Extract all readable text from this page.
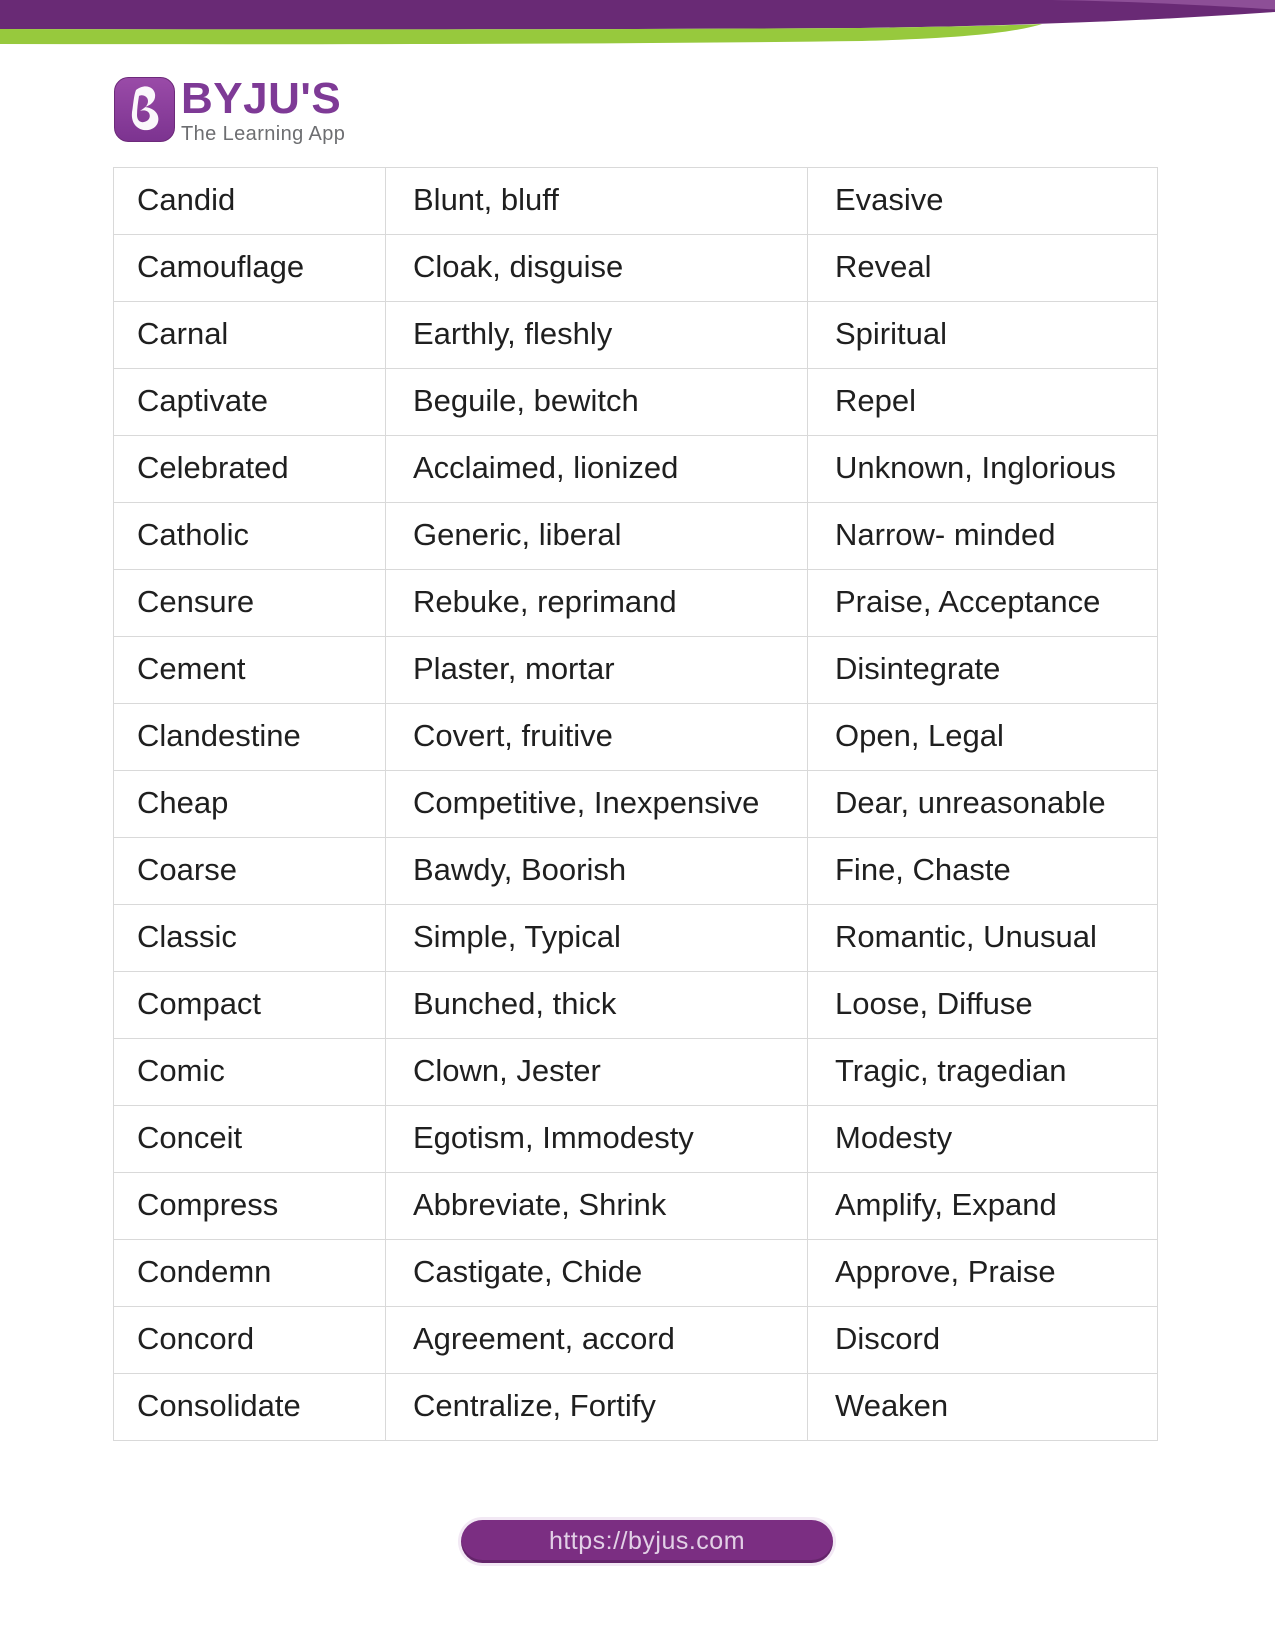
BYJU'S
The Learning App
Candid	Blunt, bluff	Evasive
Camouflage	Cloak, disguise	Reveal
Carnal	Earthly, fleshly	Spiritual
Captivate	Beguile, bewitch	Repel
Celebrated	Acclaimed, lionized	Unknown, Inglorious
Catholic	Generic, liberal	Narrow- minded
Censure	Rebuke, reprimand	Praise, Acceptance
Cement	Plaster, mortar	Disintegrate
Clandestine	Covert, fruitive	Open, Legal
Cheap	Competitive, Inexpensive	Dear, unreasonable
Coarse	Bawdy, Boorish	Fine, Chaste
Classic	Simple, Typical	Romantic, Unusual
Compact	Bunched, thick	Loose, Diffuse
Comic	Clown, Jester	Tragic, tragedian
Conceit	Egotism, Immodesty	Modesty
Compress	Abbreviate, Shrink	Amplify, Expand
Condemn	Castigate, Chide	Approve, Praise
Concord	Agreement, accord	Discord
Consolidate	Centralize, Fortify	Weaken
https://byjus.com
